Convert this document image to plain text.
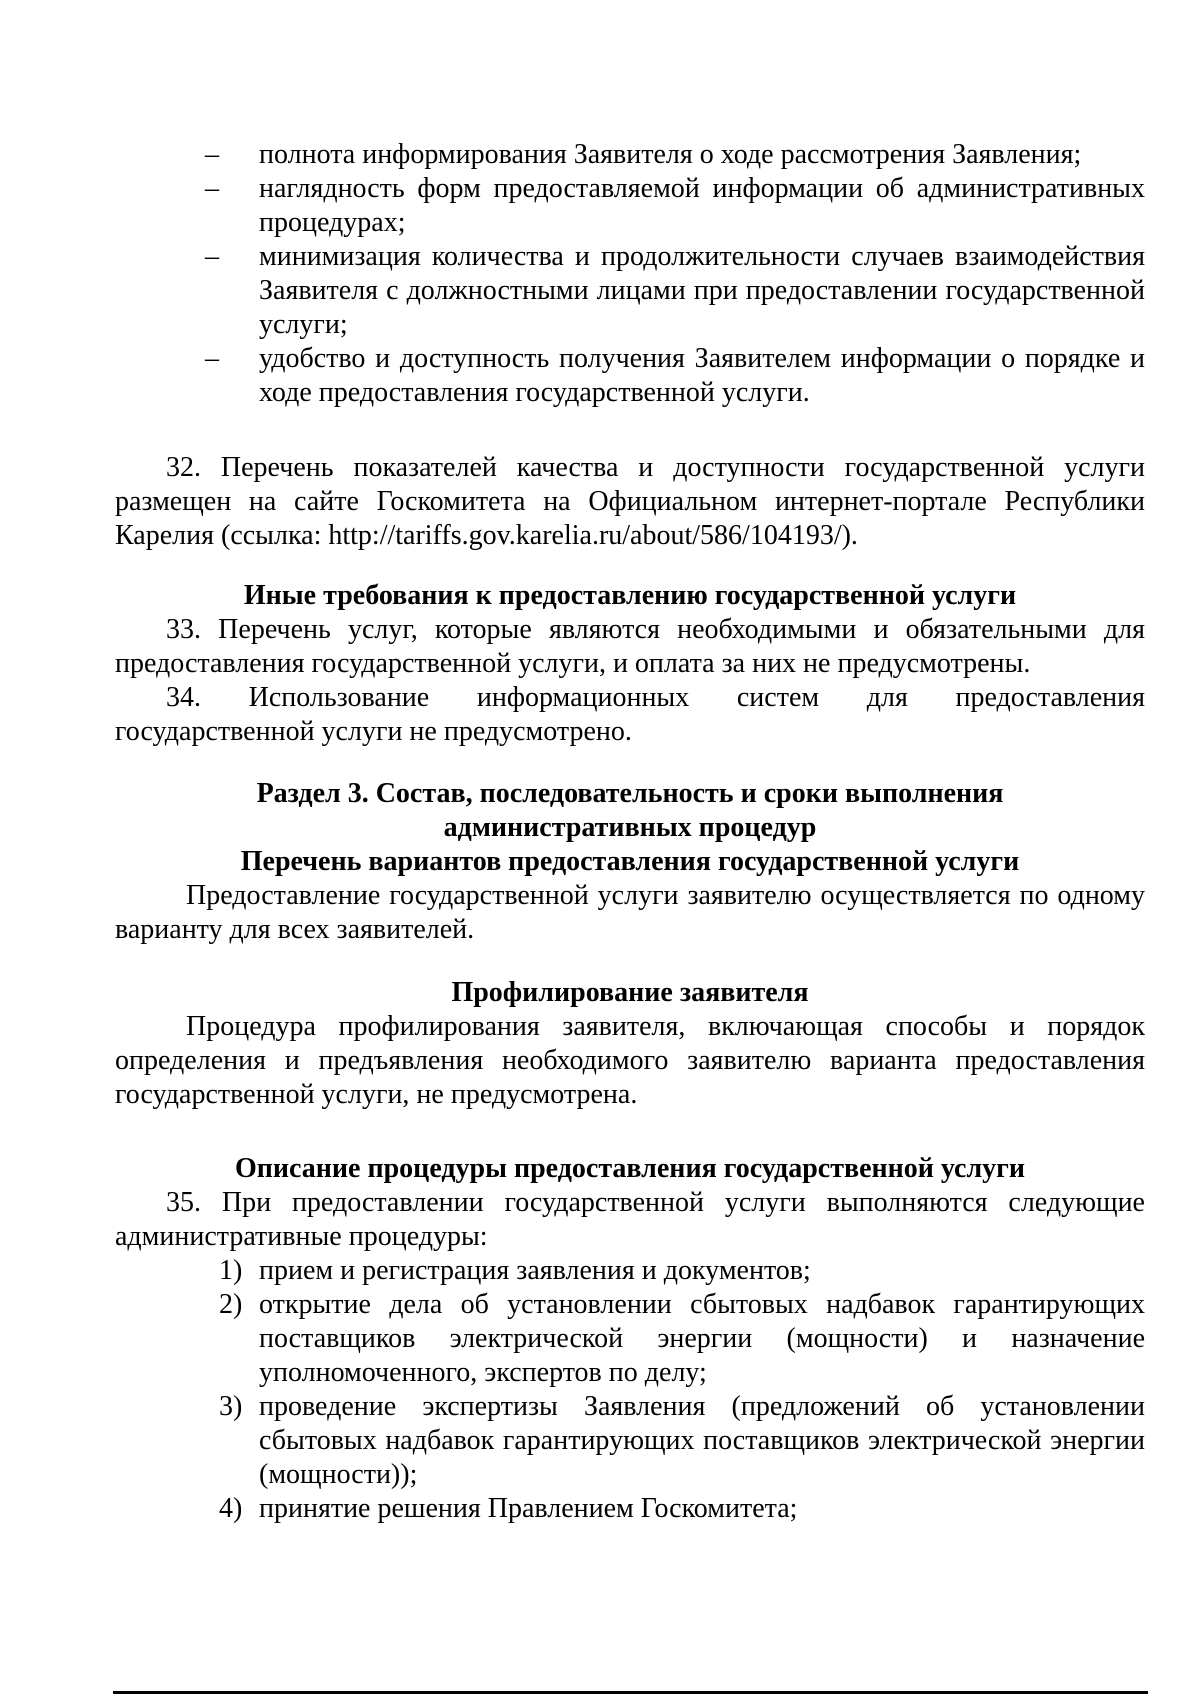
– полнота информирования Заявителя о ходе рассмотрения Заявления;
– наглядность форм предоставляемой информации об административных процедурах;
– минимизация количества и продолжительности случаев взаимодействия Заявителя с должностными лицами при предоставлении государственной услуги;
– удобство и доступность получения Заявителем информации о порядке и ходе предоставления государственной услуги.
32. Перечень показателей качества и доступности государственной услуги размещен на сайте Госкомитета на Официальном интернет-портале Республики Карелия (ссылка: http://tariffs.gov.karelia.ru/about/586/104193/).
Иные требования к предоставлению государственной услуги
33. Перечень услуг, которые являются необходимыми и обязательными для предоставления государственной услуги, и оплата за них не предусмотрены.
34. Использование информационных систем для предоставления государственной услуги не предусмотрено.
Раздел 3. Состав, последовательность и сроки выполнения
административных процедур
Перечень вариантов предоставления государственной услуги
Предоставление государственной услуги заявителю осуществляется по одному варианту для всех заявителей.
Профилирование заявителя
Процедура профилирования заявителя, включающая способы и порядок определения и предъявления необходимого заявителю варианта предоставления государственной услуги, не предусмотрена.
Описание процедуры предоставления государственной услуги
35. При предоставлении государственной услуги выполняются следующие административные процедуры:
1) прием и регистрация заявления и документов;
2) открытие дела об установлении сбытовых надбавок гарантирующих поставщиков электрической энергии (мощности) и назначение уполномоченного, экспертов по делу;
3) проведение экспертизы Заявления (предложений об установлении сбытовых надбавок гарантирующих поставщиков электрической энергии (мощности));
4) принятие решения Правлением Госкомитета;
